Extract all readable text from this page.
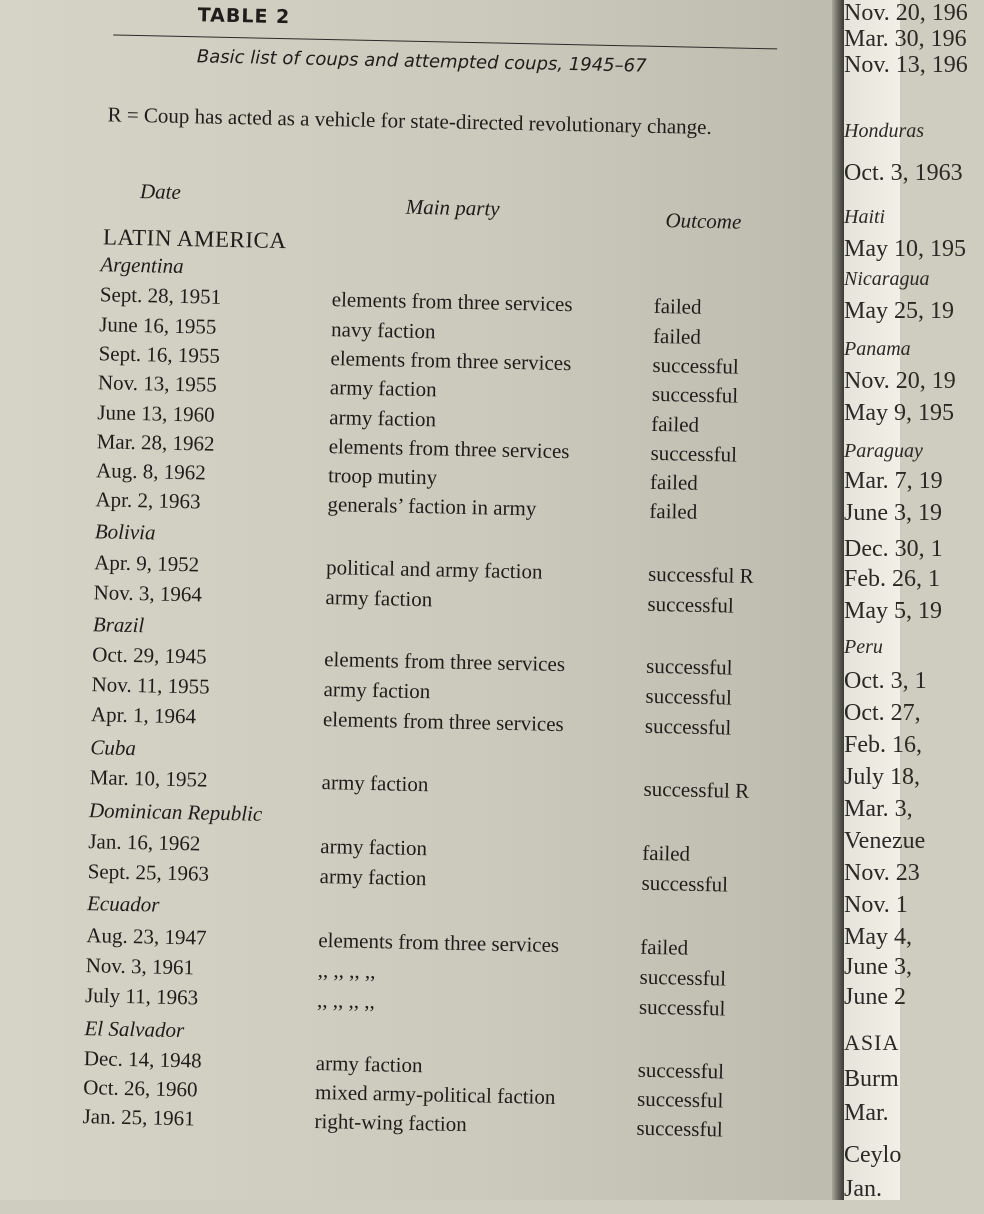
Nov. 20, 196
Mar. 30, 196
Nov. 13, 196
Honduras
Oct. 3, 1963
Haiti
May 10, 195
Nicaragua
May 25, 19
Panama
Nov. 20, 19
May 9, 195
Paraguay
Mar. 7, 19
June 3, 19
Dec. 30, 1
Feb. 26, 1
May 5, 19
Peru
Oct. 3, 1
Oct. 27,
Feb. 16,
July 18,
Mar. 3,
Venezue
Nov. 23
Nov. 1
May 4,
June 3,
June 2
ASIA
Burm
Mar.
Ceylo
Jan.
TABLE 2
Basic list of coups and attempted coups, 1945–67
R = Coup has acted as a vehicle for state-directed revolutionary change.
Date
Main party
Outcome
LATIN AMERICA
Argentina
Sept. 28, 1951	elements from three services	failed
June 16, 1955	navy faction	failed
Sept. 16, 1955	elements from three services	successful
Nov. 13, 1955	army faction	successful
June 13, 1960	army faction	failed
Mar. 28, 1962	elements from three services	successful
Aug. 8, 1962	troop mutiny	failed
Apr. 2, 1963	generals’ faction in army	failed
Bolivia
Apr. 9, 1952	political and army faction	successful R
Nov. 3, 1964	army faction	successful
Brazil
Oct. 29, 1945	elements from three services	successful
Nov. 11, 1955	army faction	successful
Apr. 1, 1964	elements from three services	successful
Cuba
Mar. 10, 1952	army faction	successful R
Dominican Republic
Jan. 16, 1962	army faction	failed
Sept. 25, 1963	army faction	successful
Ecuador
Aug. 23, 1947	elements from three services	failed
Nov. 3, 1961	,, ,, ,, ,,	successful
July 11, 1963	,, ,, ,, ,,	successful
El Salvador
Dec. 14, 1948	army faction	successful
Oct. 26, 1960	mixed army-political faction	successful
Jan. 25, 1961	right-wing faction	successful
